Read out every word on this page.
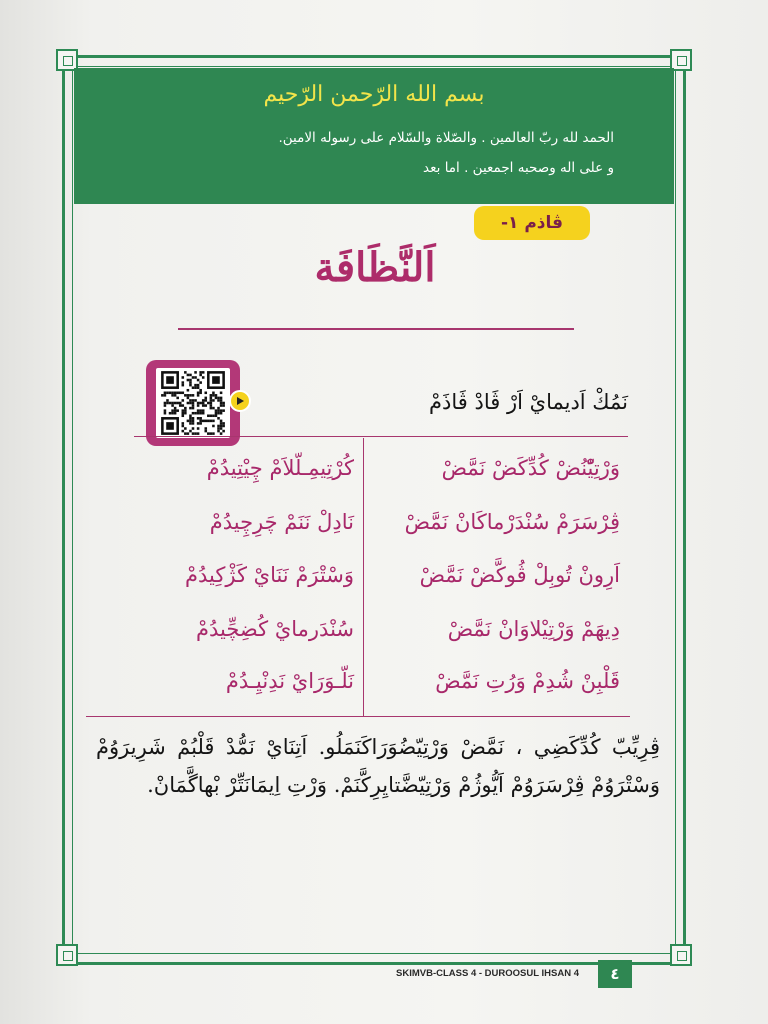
بسم الله الرّحمن الرّحيم
الحمد لله ربّ العالمين . والصّلاة والسّلام على رسوله الامين.
و على اله وصحبه اجمعين . اما بعد
ڤاذم ١-
اَلنَّظَافَة
نَمُكْ اَديمايْ اَرْ ڤَادْ ڤَاذَمْ
وَرْتِيّْنُضْ كُدِّكَضْ نَمَّضْ
ڤِرْسَرَمْ سُنْدَرْماكَانْ نَمَّضْ
اَرِونْ تُوبِلْ ڤُوكَّضْ نَمَّضْ
دِيهَمْ وَرْتِيْلاوَانْ نَمَّضْ
قَلْبِنْ شُدِمْ وَرُتِ نَمَّضْ
كُرْتِيمِـلّلاَمْ چِيْتِيدُمْ
نَادِلْ نَنَمْ چَرِچِيدُمْ
وَسْتْرَمْ نَنَايْ كَژْكِيدُمْ
سُنْدَرمايْ كُضِچِّيدُمْ
نَلّـوَرَايْ نَدِنْيِـدُمْ
ڤِرِيِّبّ كُدِّكَضِي ، نَمَّضْ وَرْتِيّضُوَرَاكَنَمَلُو. اَتِنَايْ نَمُّدْ قَلْبُمْ شَرِيرَوُمْ وَسْتْرَوُمْ ڤِرْسَرَوُمْ اَيُّوژُمْ وَرْتِيّضَّتايِرِكَّنَمْ. وَرْتِ اِيمَانَتِّرْ بْهاگَّمَانْ.
SKIMVB-CLASS 4 - DUROOSUL IHSAN 4	٤
